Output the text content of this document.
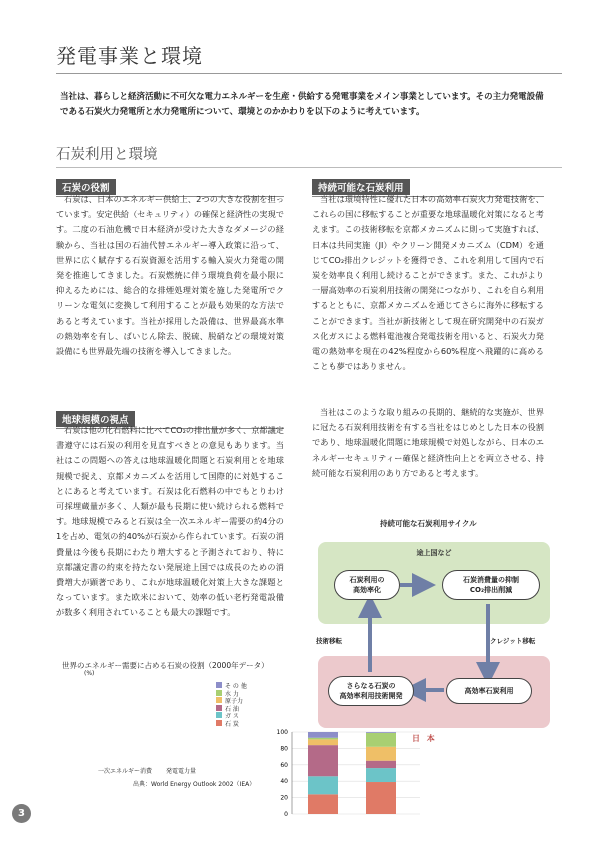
発電事業と環境
当社は、暮らしと経済活動に不可欠な電力エネルギーを生産・供給する発電事業をメイン事業としています。その主力発電設備である石炭火力発電所と水力発電所について、環境とのかかわりを以下のように考えています。
石炭利用と環境
石炭の役割
石炭は、日本のエネルギー供給上、2つの大きな役割を担っています。安定供給（セキュリティ）の確保と経済性の実現です。二度の石油危機で日本経済が受けた大きなダメージの経験から、当社は国の石油代替エネルギー導入政策に沿って、世界に広く賦存する石炭資源を活用する輸入炭火力発電の開発を推進してきました。石炭燃焼に伴う環境負荷を最小限に抑えるためには、総合的な排煙処理対策を施した発電所でクリーンな電気に変換して利用することが最も効果的な方法であると考えています。当社が採用した設備は、世界最高水準の熱効率を有し、ばいじん除去、脱硫、脱硝などの環境対策設備にも世界最先端の技術を導入してきました。
地球規模の視点
石炭は他の化石燃料に比べてCO₂の排出量が多く、京都議定書遵守には石炭の利用を見直すべきとの意見もあります。当社はこの問題への答えは地球温暖化問題と石炭利用とを地球規模で捉え、京都メカニズムを活用して国際的に対処することにあると考えています。石炭は化石燃料の中でもとりわけ可採埋蔵量が多く、人類が最も長期に使い続けられる燃料です。地球規模でみると石炭は全一次エネルギー需要の約4分の1を占め、電気の約40%が石炭から作られています。石炭の消費量は今後も長期にわたり増大すると予測されており、特に京都議定書の約束を持たない発展途上国では成長のための消費増大が顕著であり、これが地球温暖化対策上大きな課題となっています。また欧米において、効率の低い老朽発電設備が数多く利用されていることも最大の課題です。
持続可能な石炭利用
当社は環境特性に優れた日本の高効率石炭火力発電技術を、これらの国に移転することが重要な地球温暖化対策になると考えます。この技術移転を京都メカニズムに則って実施すれば、日本は共同実施（JI）やクリーン開発メカニズム（CDM）を通じてCO₂排出クレジットを獲得でき、これを利用して国内で石炭を効率良く利用し続けることができます。また、これがより一層高効率の石炭利用技術の開発につながり、これを自ら利用するとともに、京都メカニズムを通じてさらに海外に移転することができます。当社が新技術として現在研究開発中の石炭ガス化ガスによる燃料電池複合発電技術を用いると、石炭火力発電の熱効率を現在の42%程度から60%程度へ飛躍的に高めることも夢ではありません。
当社はこのような取り組みの長期的、継続的な実施が、世界に冠たる石炭利用技術を有する当社をはじめとした日本の役割であり、地球温暖化問題に地球規模で対処しながら、日本のエネルギーセキュリティー確保と経済性向上とを両立させる、持続可能な石炭利用のあり方であると考えます。
持続可能な石炭利用サイクル
途上国など
石炭利用の
高効率化
石炭消費量の抑制
CO₂排出削減
さらなる石炭の
高効率利用技術開発
高効率石炭利用
技術移転	クレジット移転
日 本
世界のエネルギー需要に占める石炭の役割（2000年データ）
(%)
そ の 他
水 力
原子力
石 油
ガ ス
石 炭
100
80
60
40
20
0
一次エネルギー消費 発電電力量
出典：World Energy Outlook 2002（IEA）
3
